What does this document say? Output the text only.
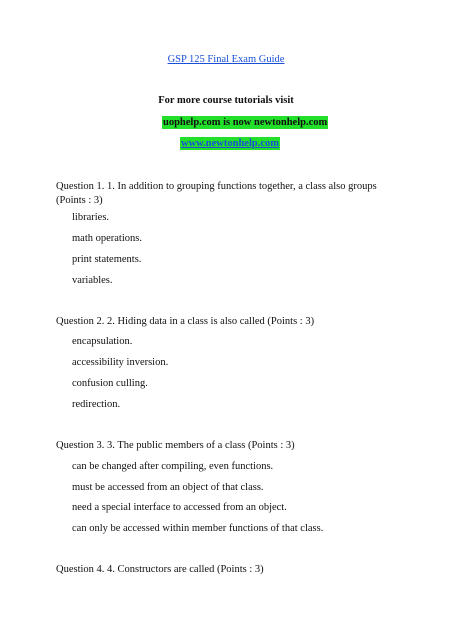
GSP 125 Final Exam Guide
For more course tutorials visit
uophelp.com is now newtonhelp.com
www.newtonhelp.com
Question 1. 1. In addition to grouping functions together, a class also groups (Points : 3)
libraries.
math operations.
print statements.
variables.
Question 2. 2. Hiding data in a class is also called (Points : 3)
encapsulation.
accessibility inversion.
confusion culling.
redirection.
Question 3. 3. The public members of a class (Points : 3)
can be changed after compiling, even functions.
must be accessed from an object of that class.
need a special interface to accessed from an object.
can only be accessed within member functions of that class.
Question 4. 4. Constructors are called (Points : 3)
